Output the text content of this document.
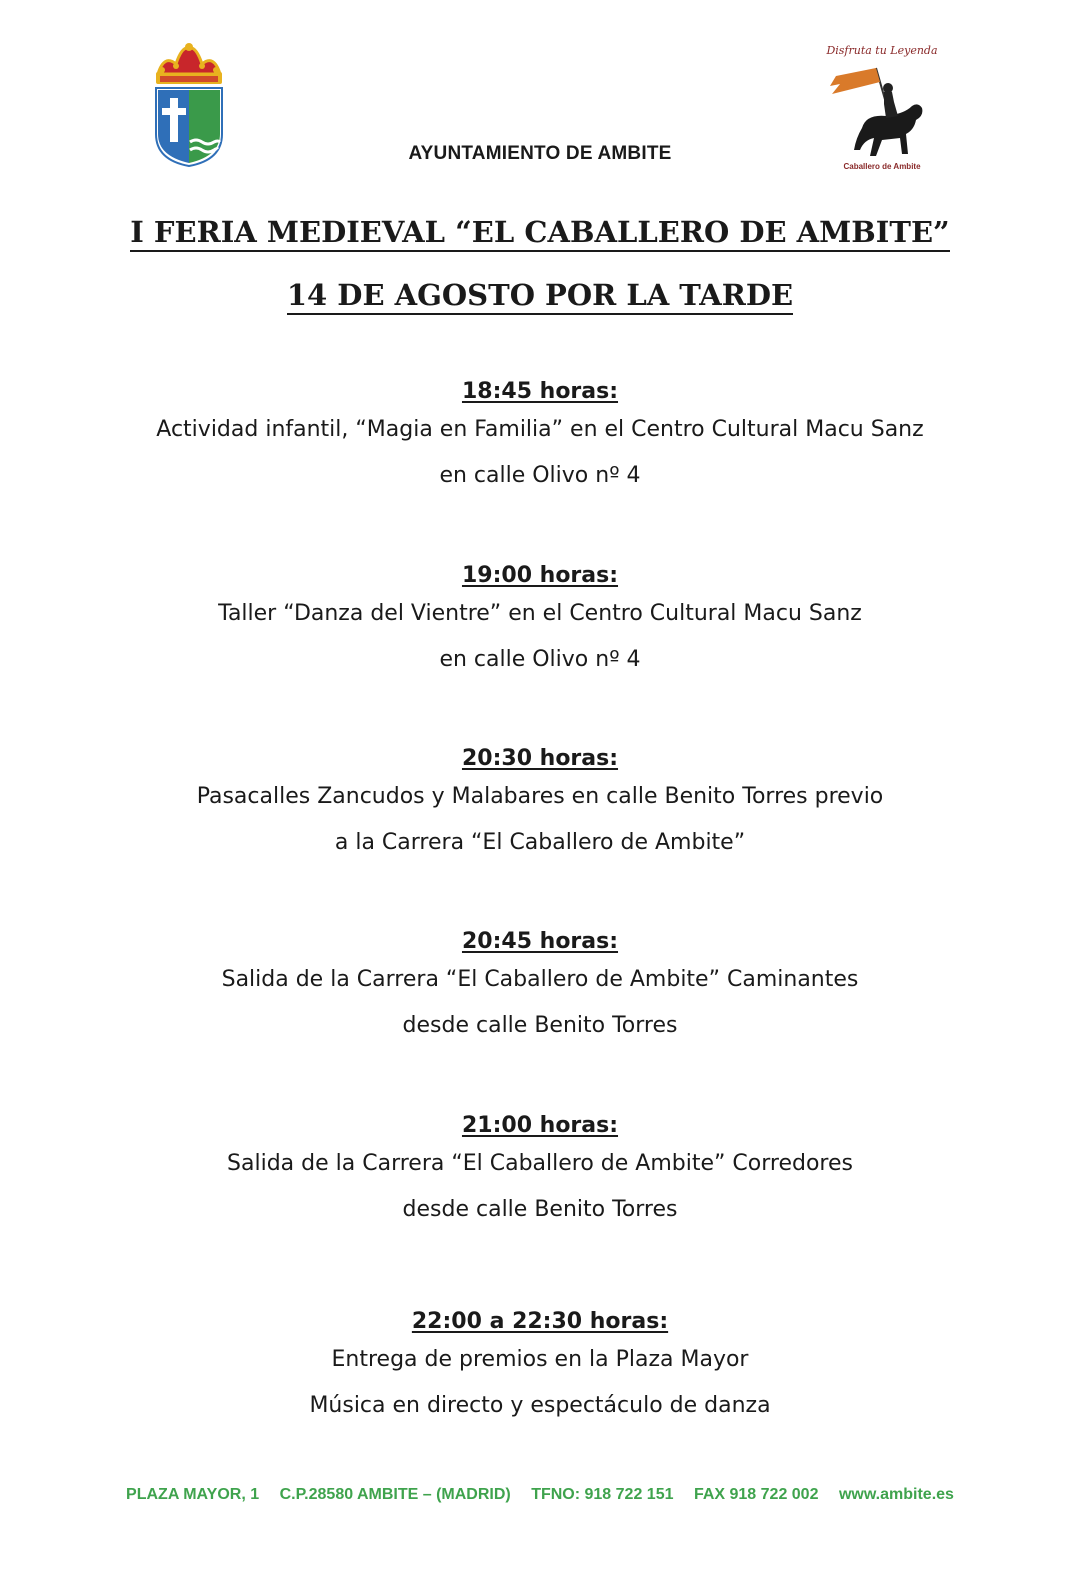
Disfruta tu Leyenda
Caballero de Ambite
AYUNTAMIENTO DE AMBITE
I FERIA MEDIEVAL “EL CABALLERO DE AMBITE”
14 DE AGOSTO POR LA TARDE
18:45 horas:
Actividad infantil, “Magia en Familia” en el Centro Cultural Macu Sanz
en calle Olivo nº 4
19:00 horas:
Taller “Danza del Vientre” en el Centro Cultural Macu Sanz
en calle Olivo nº 4
20:30 horas:
Pasacalles Zancudos y Malabares en calle Benito Torres previo
a la Carrera “El Caballero de Ambite”
20:45 horas:
Salida de la Carrera “El Caballero de Ambite” Caminantes
desde calle Benito Torres
21:00 horas:
Salida de la Carrera “El Caballero de Ambite” Corredores
desde calle Benito Torres
22:00 a 22:30 horas:
Entrega de premios en la Plaza Mayor
Música en directo y espectáculo de danza
PLAZA MAYOR, 1 C.P.28580 AMBITE – (MADRID) TFNO: 918 722 151 FAX 918 722 002 www.ambite.es
